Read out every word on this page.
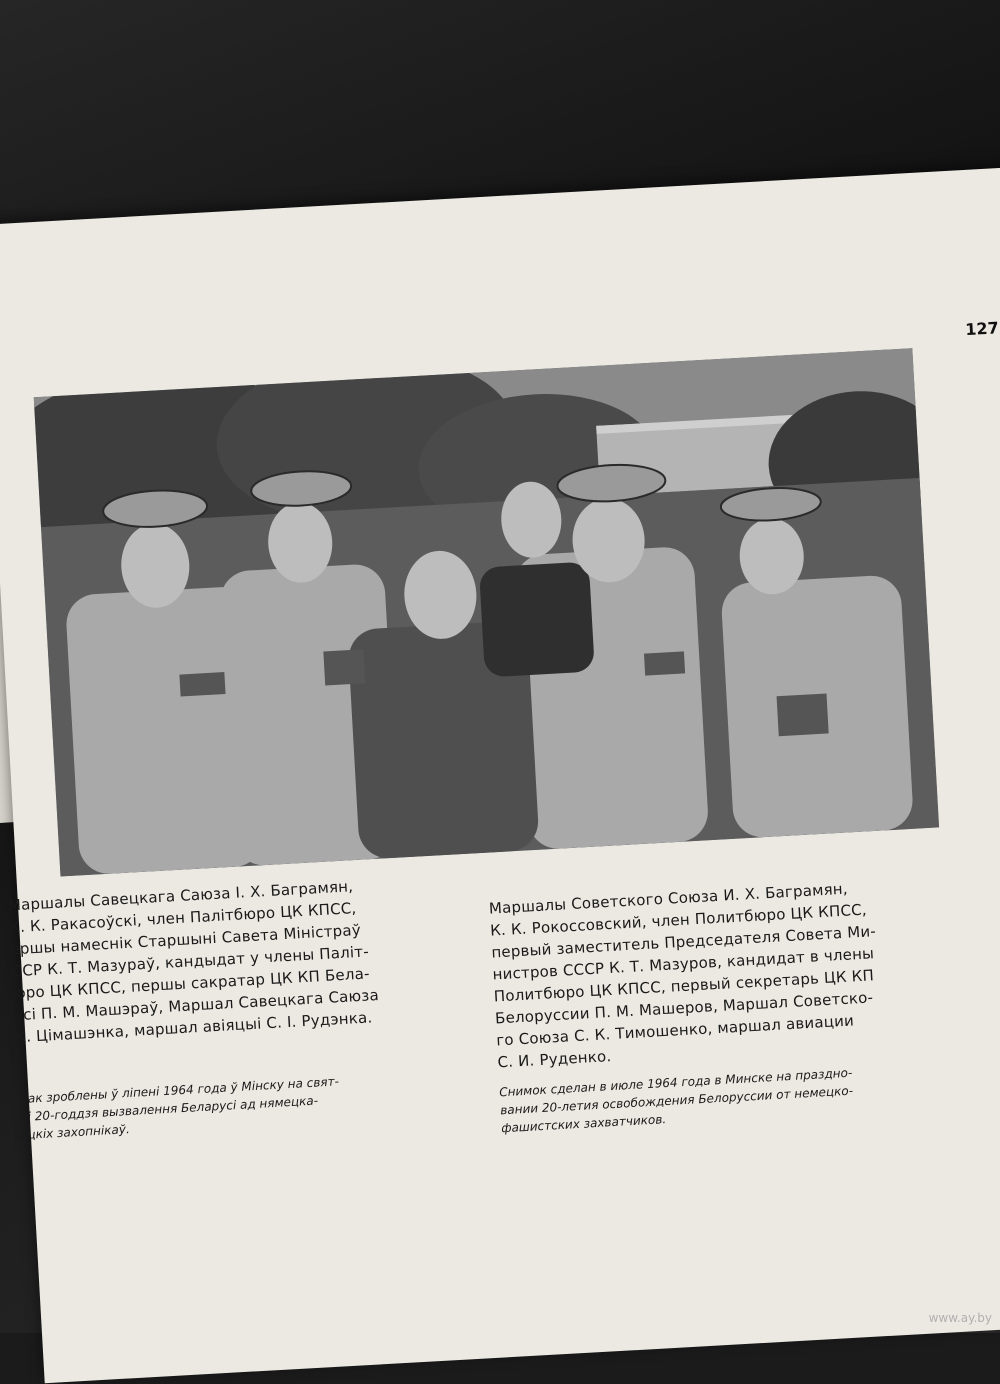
127
Маршалы Савецкага Саюза І. Х. Баграмян,
К. К. Ракасоўскі, член Палітбюро ЦК КПСС,
ершы намеснік Старшыні Савета Міністраў
ССР К. Т. Мазураў, кандыдат у члены Паліт-
юро ЦК КПСС, першы сакратар ЦК КП Бела-
усі П. М. Машэраў, Маршал Савецкага Саюза
К. Цімашэнка, маршал авіяцыі С. І. Рудэнка.
мак зроблены ў ліпені 1964 года ў Мінску на свят-
ні 20-годдзя вызвалення Беларусі ад нямецка-
сцкіх захопнікаў.
Маршалы Советского Союза И. Х. Баграмян,
К. К. Рокоссовский, член Политбюро ЦК КПСС,
первый заместитель Председателя Совета Ми-
нистров СССР К. Т. Мазуров, кандидат в члены
Политбюро ЦК КПСС, первый секретарь ЦК КП
Белоруссии П. М. Машеров, Маршал Советско-
го Союза С. К. Тимошенко, маршал авиации
С. И. Руденко.
Снимок сделан в июле 1964 года в Минске на праздно-
вании 20-летия освобождения Белоруссии от немецко-
фашистских захватчиков.
www.ay.by
